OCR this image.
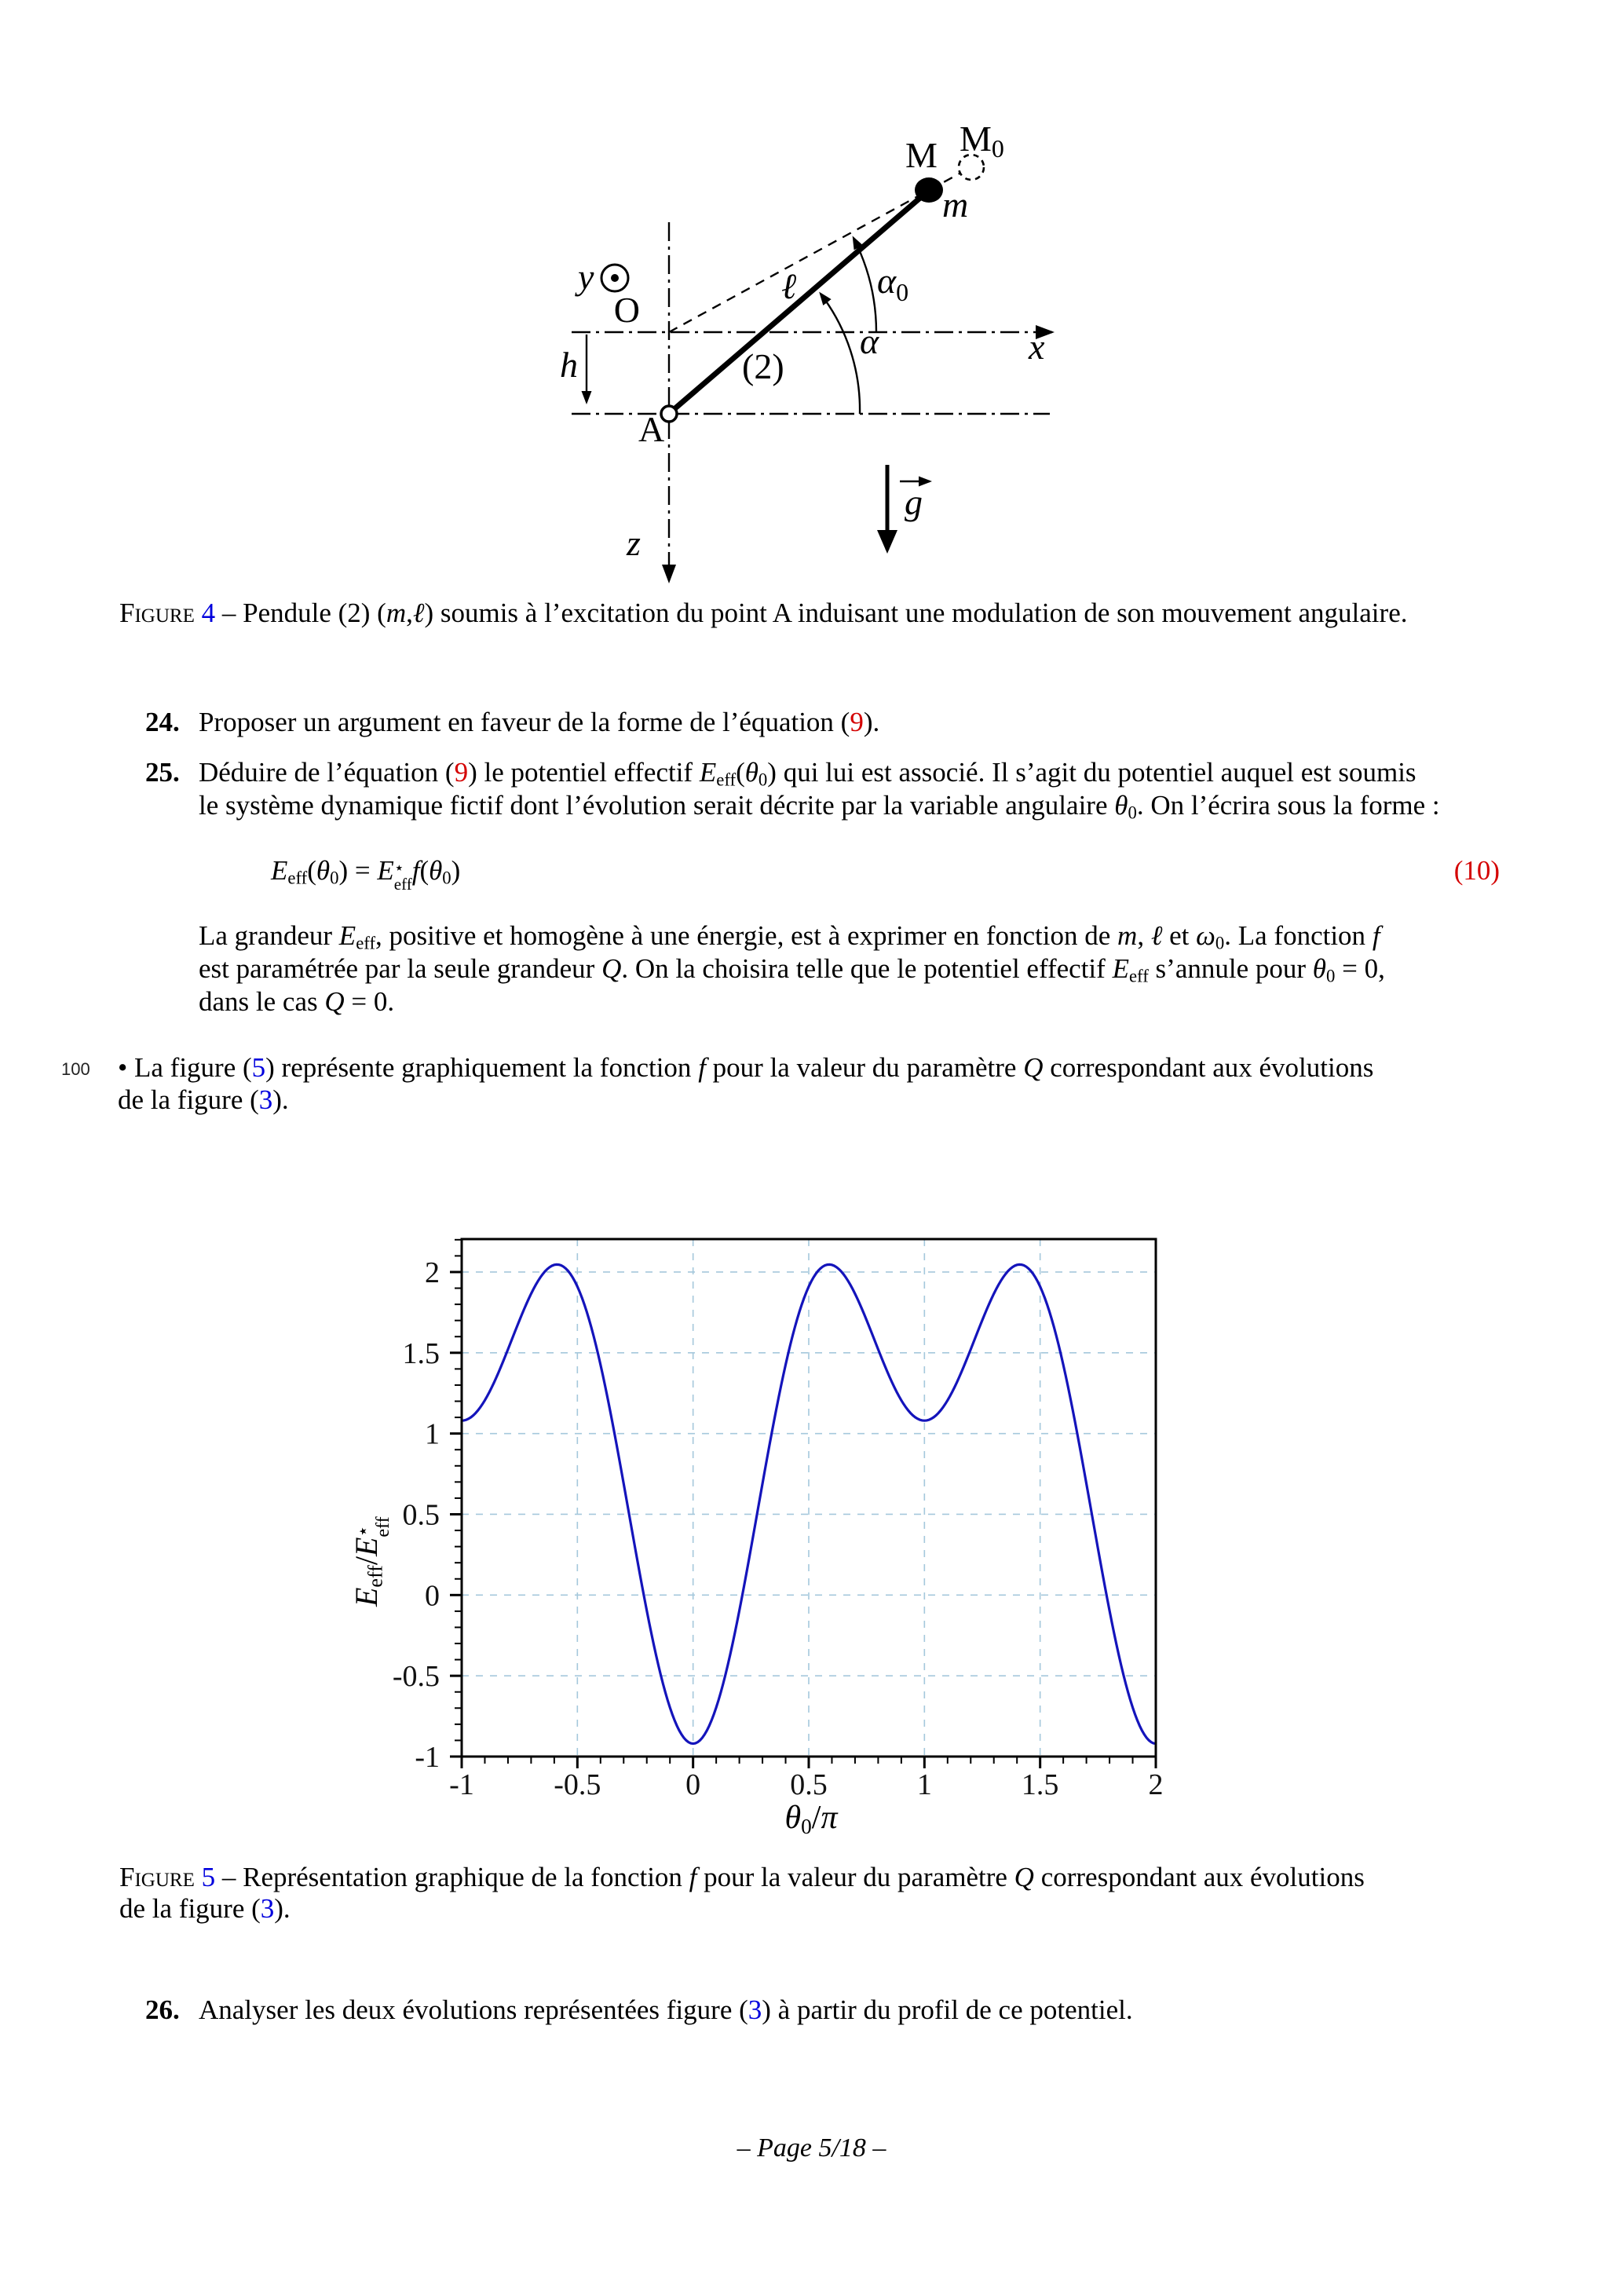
O
A
M M0
m
x
y
z
h
g
ℓ
(2)
α
α0
Figure 4 – Pendule (2) (m,ℓ) soumis à l’excitation du point A induisant une modulation de son mouvement angulaire.
24. Proposer un argument en faveur de la forme de l’équation (9).
25. Déduire de l’équation (9) le potentiel effectif Eeff(θ0) qui lui est associé. Il s’agit du potentiel auquel est soumis
le système dynamique fictif dont l’évolution serait décrite par la variable angulaire θ0. On l’écrira sous la forme :
Eeff(θ0) = E ⋆
eff f(θ0)	(10)
La grandeur Eeff, positive et homogène à une énergie, est à exprimer en fonction de m, ℓ et ω0. La fonction f
est paramétrée par la seule grandeur Q. On la choisira telle que le potentiel effectif Eeff s’annule pour θ0 = 0,
dans le cas Q = 0.
100 • La figure (5) représente graphiquement la fonction f pour la valeur du paramètre Q correspondant aux évolutions
de la figure (3).
-1	-0.5	0	0.5	1	1.5	2
-1
-0.5
0
0.5
1
1.5
2
Eeff/E
⋆
eff
θ0/π
Figure 5 – Représentation graphique de la fonction f pour la valeur du paramètre Q correspondant aux évolutions
de la figure (3).
26. Analyser les deux évolutions représentées figure (3) à partir du profil de ce potentiel.
– Page 5/18 –
